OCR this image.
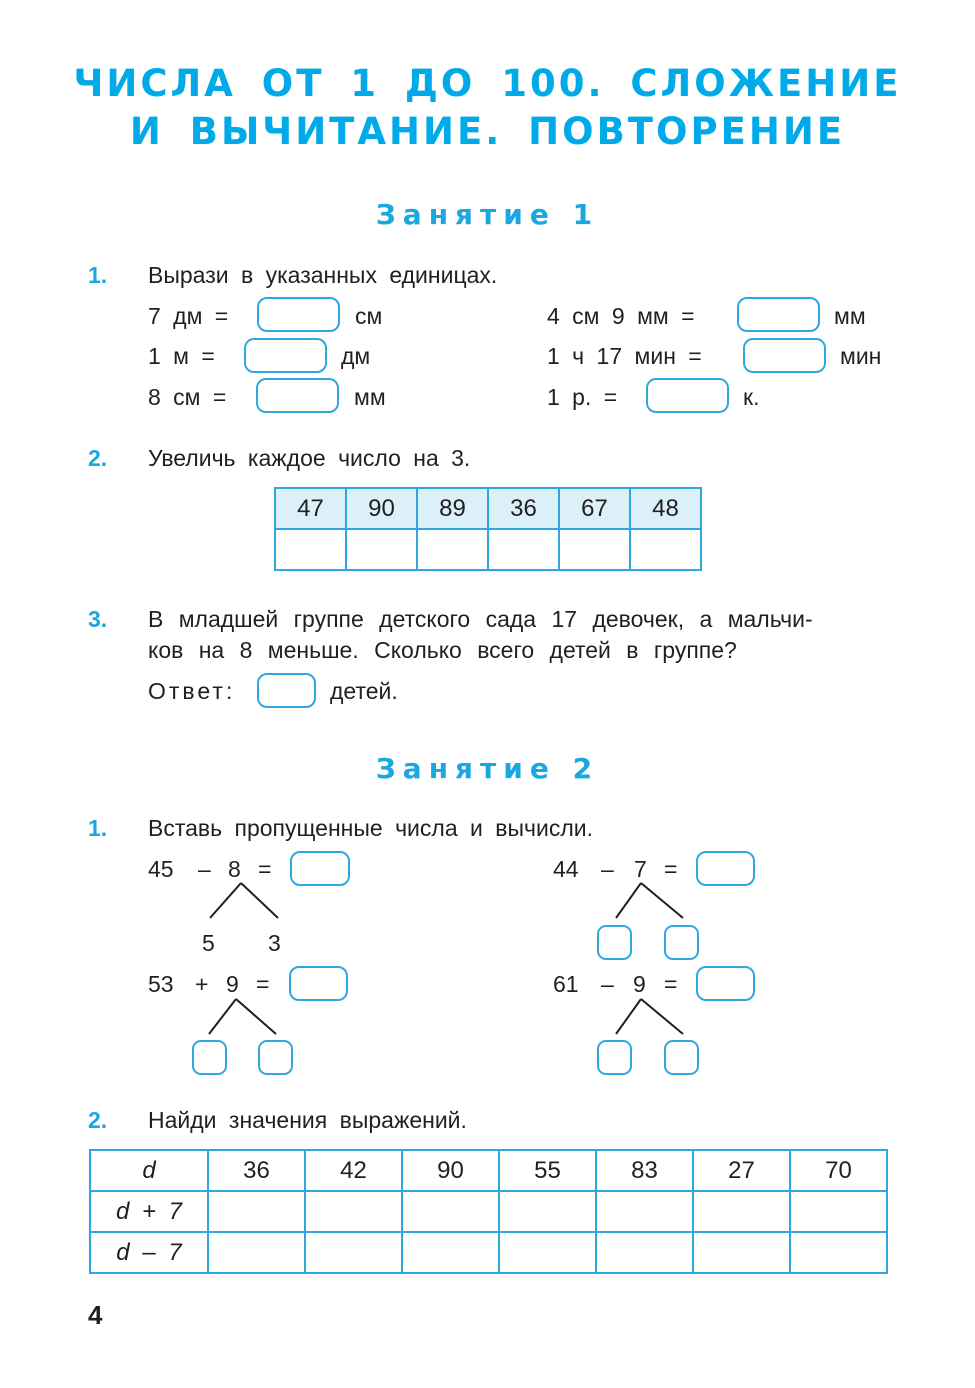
ЧИСЛА ОТ 1 ДО 100. СЛОЖЕНИЕ
И ВЫЧИТАНИЕ. ПОВТОРЕНИЕ
Занятие 1
1. Вырази в указанных единицах.
7 дм =	см
1 м =	дм
8 см =	мм
4 см 9 мм =	мм
1 ч 17 мин =	мин
1 р. =	к.
2. Увеличь каждое число на 3.
47	90	89	36	67	48

3. В младшей группе детского сада 17 девочек, а мальчи-
ков на 8 меньше. Сколько всего детей в группе?
Ответ:	детей.
Занятие 2
1. Вставь пропущенные числа и вычисли.
45 – 8 =
5 3
53 + 9 =
44 – 7 =
61 – 9 =
2. Найди значения выражений.
d	36	42	90	55	83	27	70
d + 7							
d – 7							
4
